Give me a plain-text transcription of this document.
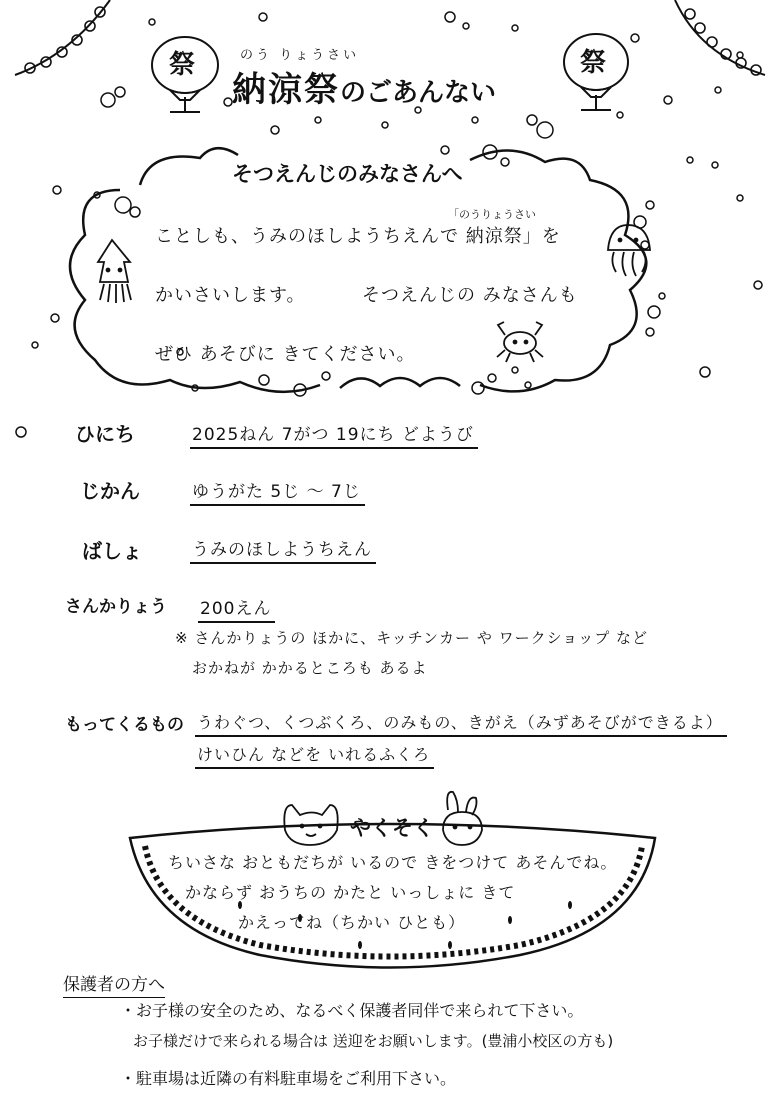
祭	祭
のう りょうさい
納涼祭のごあんない
そつえんじのみなさんへ
「のうりょうさい
ことしも、うみのほしようちえんで 納涼祭」を
かいさいします。	そつえんじの みなさんも
ぜひ あそびに きてください。
ひにち	2025ねん 7がつ 19にち どようび
じかん	ゆうがた 5じ ～ 7じ
ばしょ	うみのほしようちえん
さんかりょう 200えん
※ さんかりょうの ほかに、キッチンカー や ワークショップ など
おかねが かかるところも あるよ
もってくるもの うわぐつ、くつぶくろ、のみもの、きがえ（みずあそびができるよ）
けいひん などを いれるふくろ
やくそく
ちいさな おともだちが いるので きをつけて あそんでね。
かならず おうちの かたと いっしょに きて
かえってね（ちかい ひとも）
保護者の方へ
・お子様の安全のため、なるべく保護者同伴で来られて下さい。
お子様だけで来られる場合は 送迎をお願いします。(豊浦小校区の方も)
・駐車場は近隣の有料駐車場をご利用下さい。
